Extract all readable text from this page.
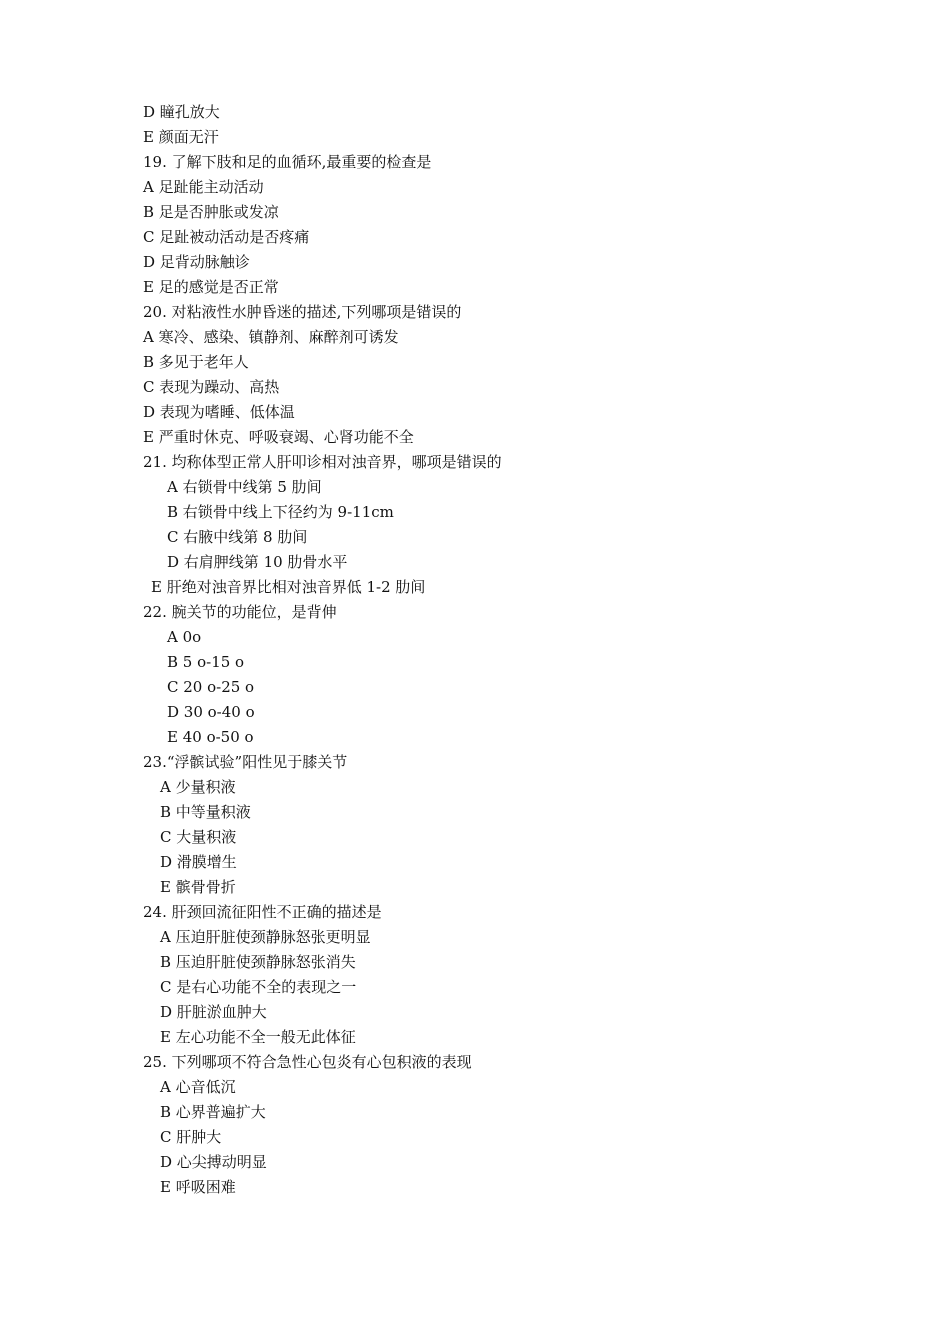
D 瞳孔放大
E 颜面无汗
19. 了解下肢和足的血循环,最重要的检查是
A 足趾能主动活动
B 足是否肿胀或发凉
C 足趾被动活动是否疼痛
D 足背动脉触诊
E 足的感觉是否正常
20. 对粘液性水肿昏迷的描述,下列哪项是错误的
A 寒冷、感染、镇静剂、麻醉剂可诱发
B 多见于老年人
C 表现为躁动、高热
D 表现为嗜睡、低体温
E 严重时休克、呼吸衰竭、心肾功能不全
21. 均称体型正常人肝叩诊相对浊音界，哪项是错误的
A 右锁骨中线第 5 肋间
B 右锁骨中线上下径约为 9-11cm
C 右腋中线第 8 肋间
D 右肩胛线第 10 肋骨水平
E 肝绝对浊音界比相对浊音界低 1-2 肋间
22. 腕关节的功能位，是背伸
A 0o
B 5 o-15 o
C 20 o-25 o
D 30 o-40 o
E 40 o-50 o
23.“浮髌试验”阳性见于膝关节
A 少量积液
B 中等量积液
C 大量积液
D 滑膜增生
E 髌骨骨折
24. 肝颈回流征阳性不正确的描述是
A 压迫肝脏使颈静脉怒张更明显
B 压迫肝脏使颈静脉怒张消失
C 是右心功能不全的表现之一
D 肝脏淤血肿大
E 左心功能不全一般无此体征
25. 下列哪项不符合急性心包炎有心包积液的表现
A 心音低沉
B 心界普遍扩大
C 肝肿大
D 心尖搏动明显
E 呼吸困难
